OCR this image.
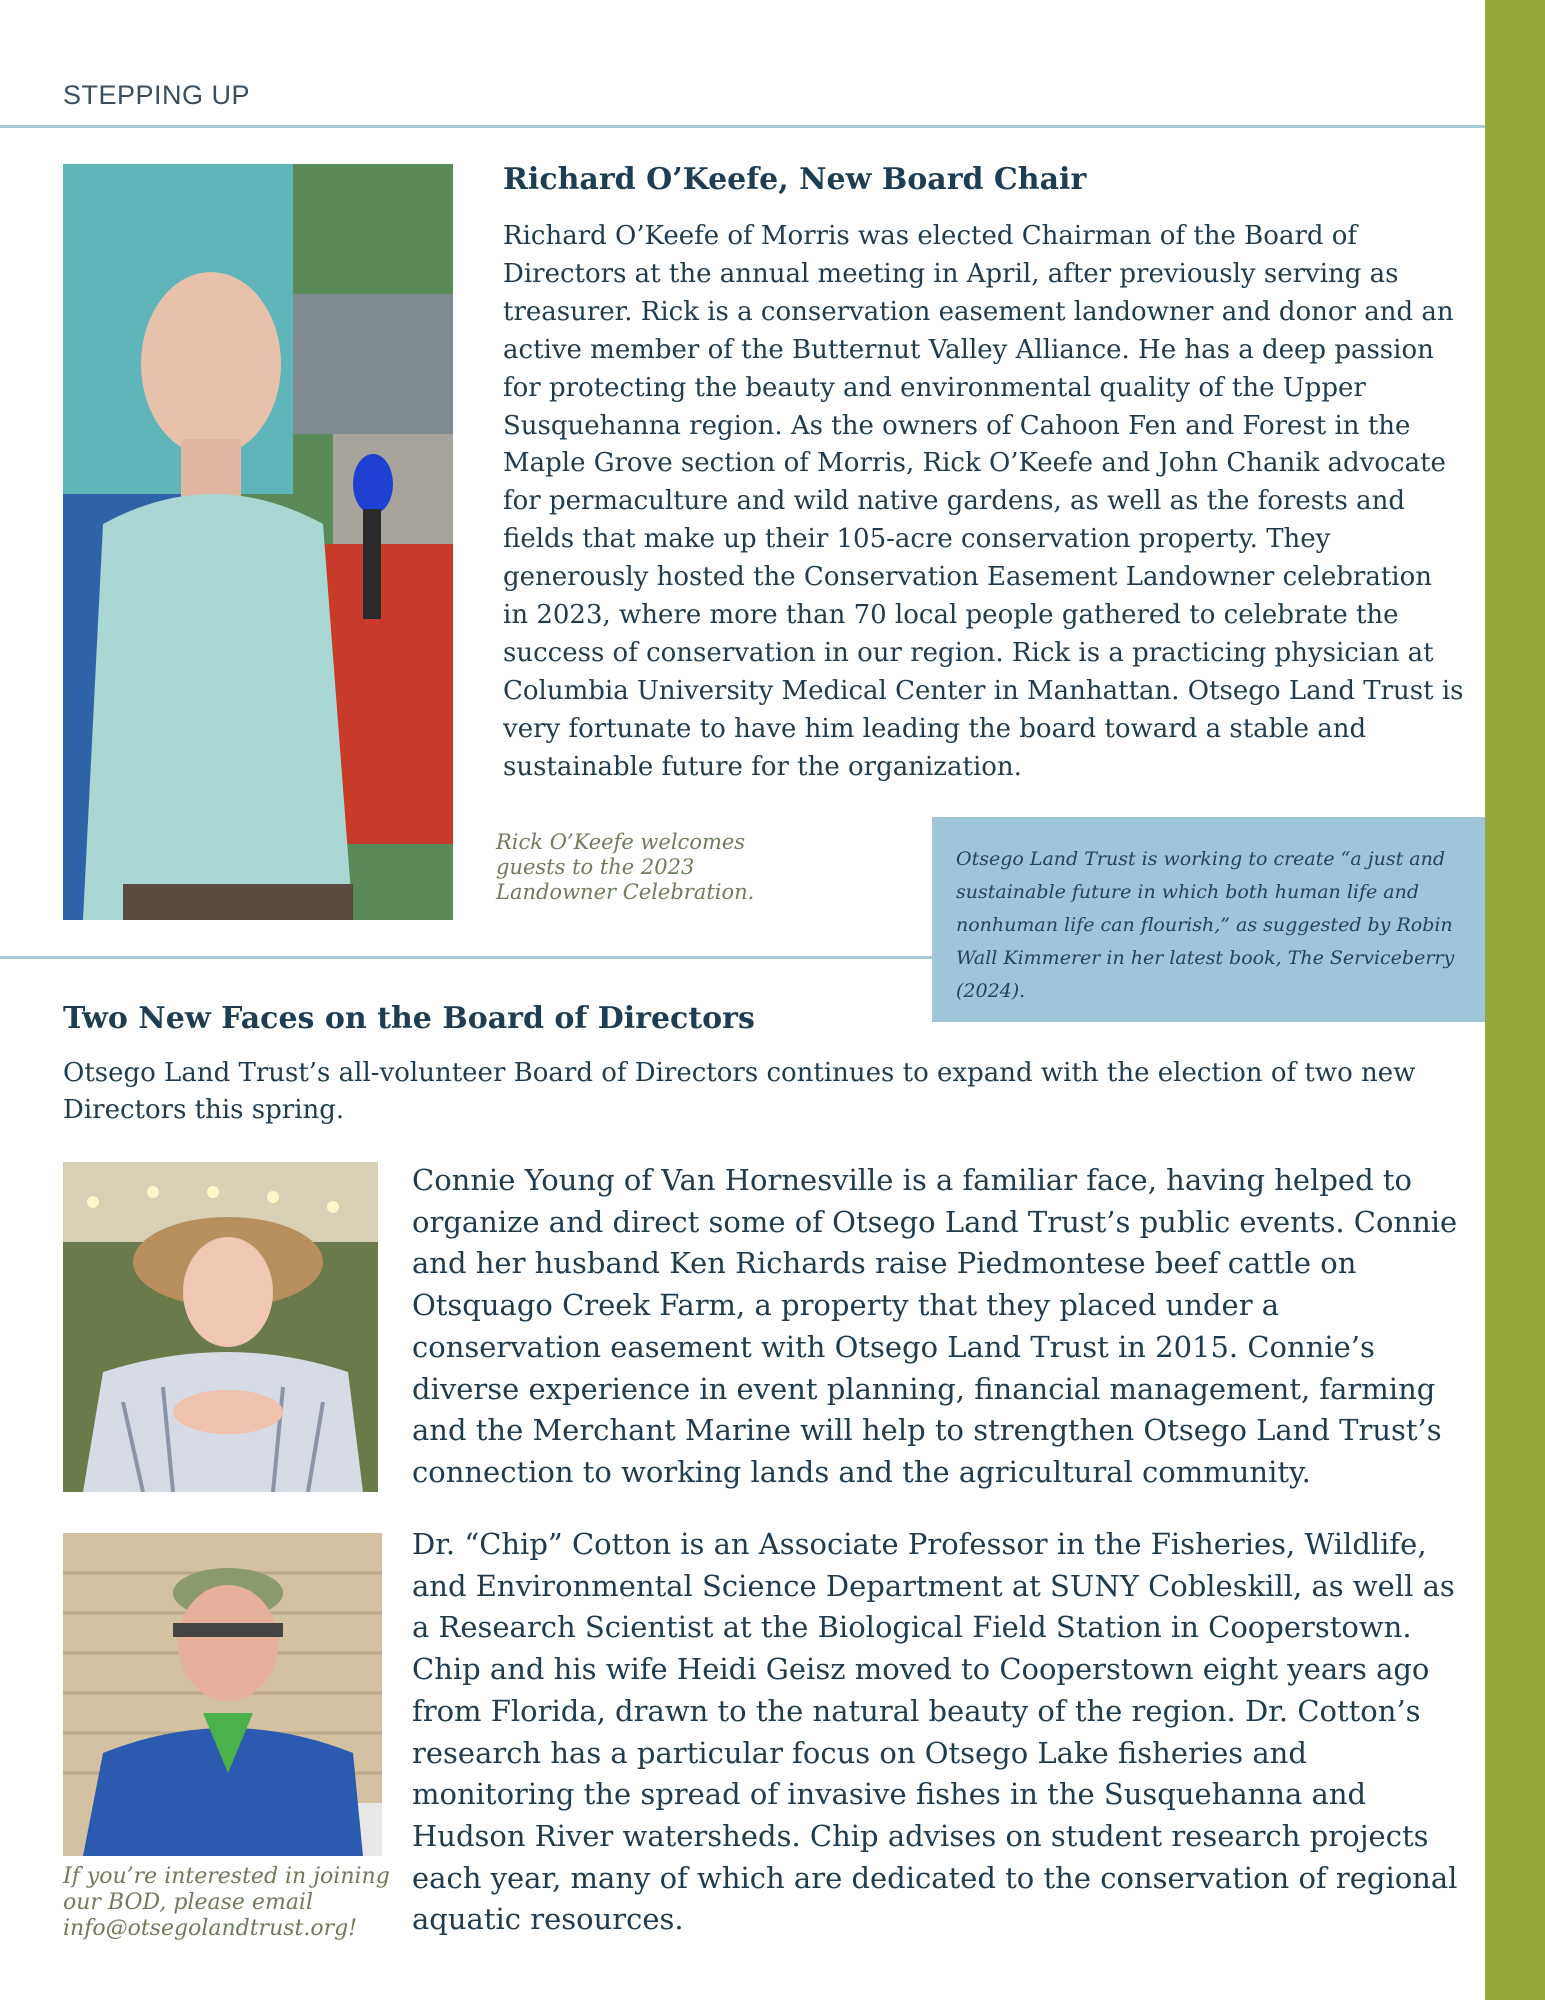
STEPPING UP
Richard O’Keefe, New Board Chair
Richard O’Keefe of Morris was elected Chairman of the Board of Directors at the annual meeting in April, after previously serving as treasurer. Rick is a conservation easement landowner and donor and an active member of the Butternut Valley Alliance. He has a deep passion for protecting the beauty and environmental quality of the Upper Susquehanna region. As the owners of Cahoon Fen and Forest in the Maple Grove section of Morris, Rick O’Keefe and John Chanik advocate for permaculture and wild native gardens, as well as the forests and fields that make up their 105-acre conservation property. They generously hosted the Conservation Easement Landowner celebration in 2023, where more than 70 local people gathered to celebrate the success of conservation in our region. Rick is a practicing physician at Columbia University Medical Center in Manhattan. Otsego Land Trust is very fortunate to have him leading the board toward a stable and sustainable future for the organization.
Rick O’Keefe welcomes guests to the 2023 Landowner Celebration.
Otsego Land Trust is working to create “a just and sustainable future in which both human life and nonhuman life can flourish,” as suggested by Robin Wall Kimmerer in her latest book, The Serviceberry (2024).
Two New Faces on the Board of Directors
Otsego Land Trust’s all-volunteer Board of Directors continues to expand with the election of two new Directors this spring.
Connie Young of Van Hornesville is a familiar face, having helped to organize and direct some of Otsego Land Trust’s public events. Connie and her husband Ken Richards raise Piedmontese beef cattle on Otsquago Creek Farm, a property that they placed under a conservation easement with Otsego Land Trust in 2015. Connie’s diverse experience in event planning, financial management, farming and the Merchant Marine will help to strengthen Otsego Land Trust’s connection to working lands and the agricultural community.
If you’re interested in joining our BOD, please email info@otsegolandtrust.org!
Dr. “Chip” Cotton is an Associate Professor in the Fisheries, Wildlife, and Environmental Science Department at SUNY Cobleskill, as well as a Research Scientist at the Biological Field Station in Cooperstown. Chip and his wife Heidi Geisz moved to Cooperstown eight years ago from Florida, drawn to the natural beauty of the region. Dr. Cotton’s research has a particular focus on Otsego Lake fisheries and monitoring the spread of invasive fishes in the Susquehanna and Hudson River watersheds. Chip advises on student research projects each year, many of which are dedicated to the conservation of regional aquatic resources.
